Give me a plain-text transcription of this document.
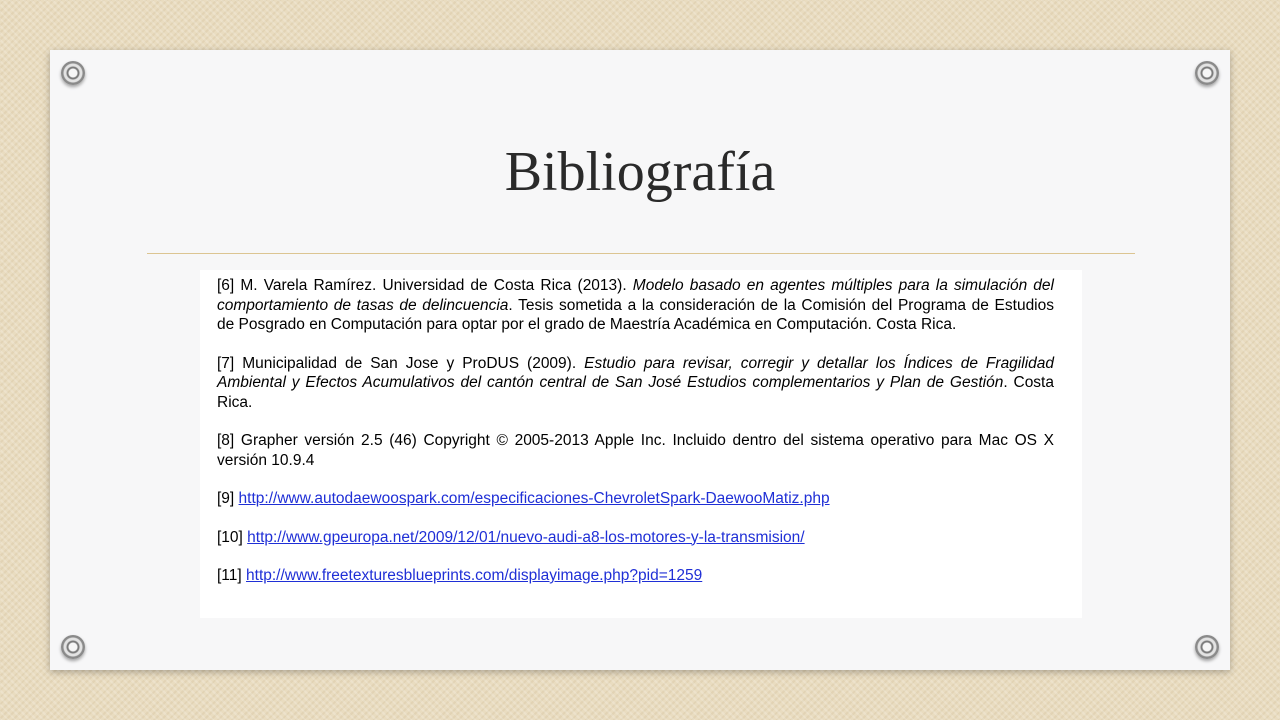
Bibliografía

[6] M. Varela Ramírez. Universidad de Costa Rica (2013). Modelo basado en agentes múltiples para la simulación del comportamiento de tasas de delincuencia. Tesis sometida a la consideración de la Comisión del Programa de Estudios de Posgrado en Computación para optar por el grado de Maestría Académica en Computación. Costa Rica.

[7] Municipalidad de San Jose y ProDUS (2009). Estudio para revisar, corregir y detallar los Índices de Fragilidad Ambiental y Efectos Acumulativos del cantón central de San José Estudios complementarios y Plan de Gestión. Costa Rica.

[8] Grapher versión 2.5 (46) Copyright © 2005-2013 Apple Inc. Incluido dentro del sistema operativo para Mac OS X versión 10.9.4

[9] http://www.autodaewoospark.com/especificaciones-ChevroletSpark-DaewooMatiz.php

[10] http://www.gpeuropa.net/2009/12/01/nuevo-audi-a8-los-motores-y-la-transmision/

[11] http://www.freetexturesblueprints.com/displayimage.php?pid=1259
